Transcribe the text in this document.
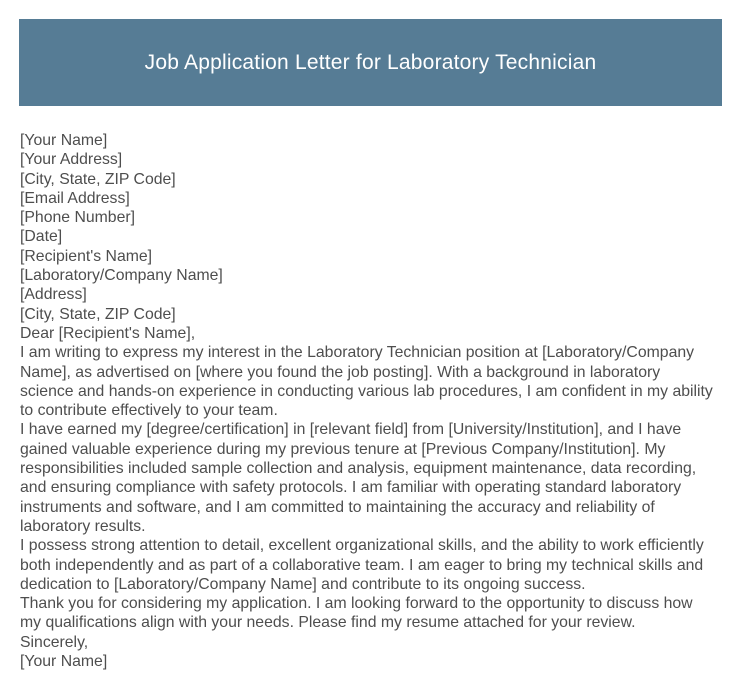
Job Application Letter for Laboratory Technician
[Your Name]
[Your Address]
[City, State, ZIP Code]
[Email Address]
[Phone Number]
[Date]
[Recipient's Name]
[Laboratory/Company Name]
[Address]
[City, State, ZIP Code]
Dear [Recipient's Name],
I am writing to express my interest in the Laboratory Technician position at [Laboratory/Company
Name], as advertised on [where you found the job posting]. With a background in laboratory
science and hands-on experience in conducting various lab procedures, I am confident in my ability
to contribute effectively to your team.
I have earned my [degree/certification] in [relevant field] from [University/Institution], and I have
gained valuable experience during my previous tenure at [Previous Company/Institution]. My
responsibilities included sample collection and analysis, equipment maintenance, data recording,
and ensuring compliance with safety protocols. I am familiar with operating standard laboratory
instruments and software, and I am committed to maintaining the accuracy and reliability of
laboratory results.
I possess strong attention to detail, excellent organizational skills, and the ability to work efficiently
both independently and as part of a collaborative team. I am eager to bring my technical skills and
dedication to [Laboratory/Company Name] and contribute to its ongoing success.
Thank you for considering my application. I am looking forward to the opportunity to discuss how
my qualifications align with your needs. Please find my resume attached for your review.
Sincerely,
[Your Name]
